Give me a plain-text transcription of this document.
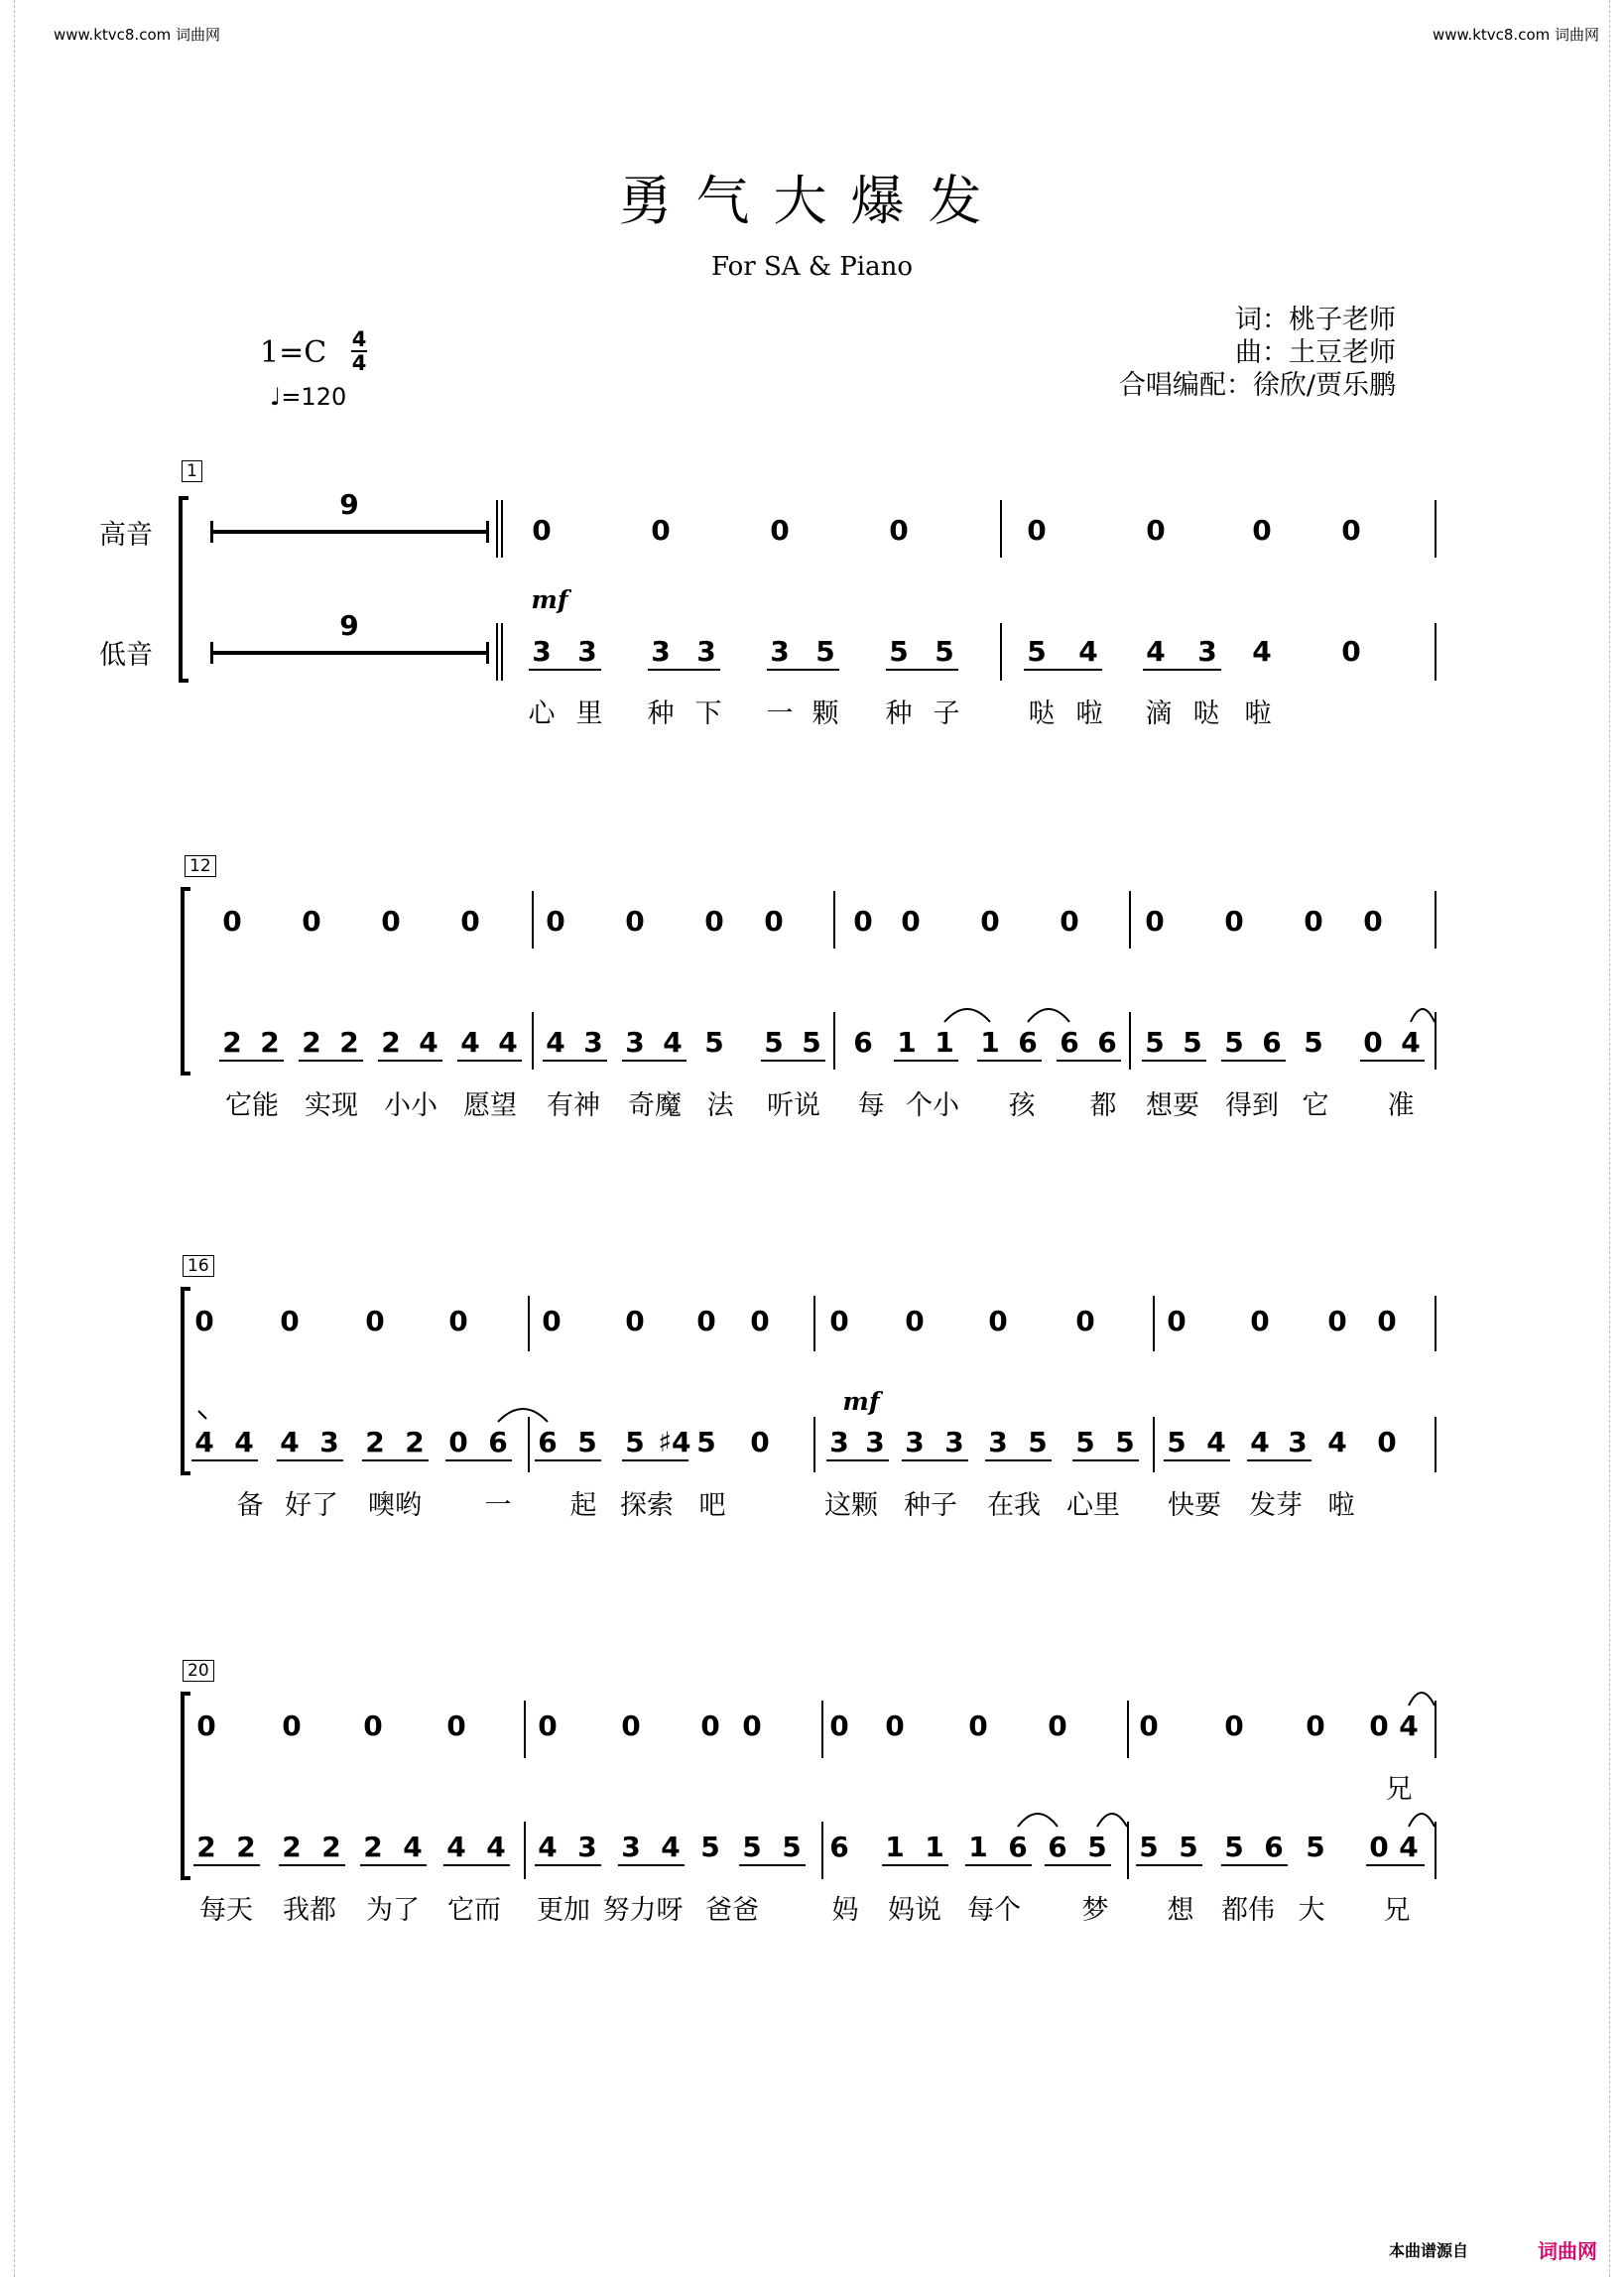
www.ktvc8.com 词曲网	www.ktvc8.com 词曲网
勇气大爆发
For SA & Piano
词：桃子老师
曲：土豆老师
合唱编配：徐欣/贾乐鹏
1=C 4
4
♩=120
高音
低音
1
9
9
0	0	0	0	0	0	0	0
3 3 3 3 3 5 5 5	5 4 4 3 4	0
mf
心 里 种 下 一 颗 种 子	哒 啦 滴 哒 啦
12
0 0 0 0 0 0 0 0	0 0 0 0 0 0 0 0
2 2 2 2 2 4 4 4 4 3 3 4 5 5 5 6 1 1 1 6 6 6 5 5 5 6 5 0 4
它能 实现 小小 愿望 有神 奇魔 法 听说 每 个小 孩 都 想要 得到 它 准
16
0 0 0 0	0 0 0 0 0 0 0 0	0 0 0 0
4 4 4 3 2 2 0 6 6 5 5 ♯4 5 0 3 3 3 3 3 5 5 5 5 4 4 3 4 0
mf
备 好了 噢哟 一 起 探索 吧	这颗 种子 在我 心里 快要 发芽 啦
20
0 0 0 0	0 0 0 0 0 0 0 0	0 0 0 0 4
兄
2 2 2 2 2 4 4 4 4 3 3 4 5 5 5 6 1 1 1 6 6 5 5 5 5 6 5 0 4
每天 我都 为了 它而 更加 努力呀 爸爸	妈 妈说 每个 梦 想 都伟 大 兄
本曲谱源自	词曲网
